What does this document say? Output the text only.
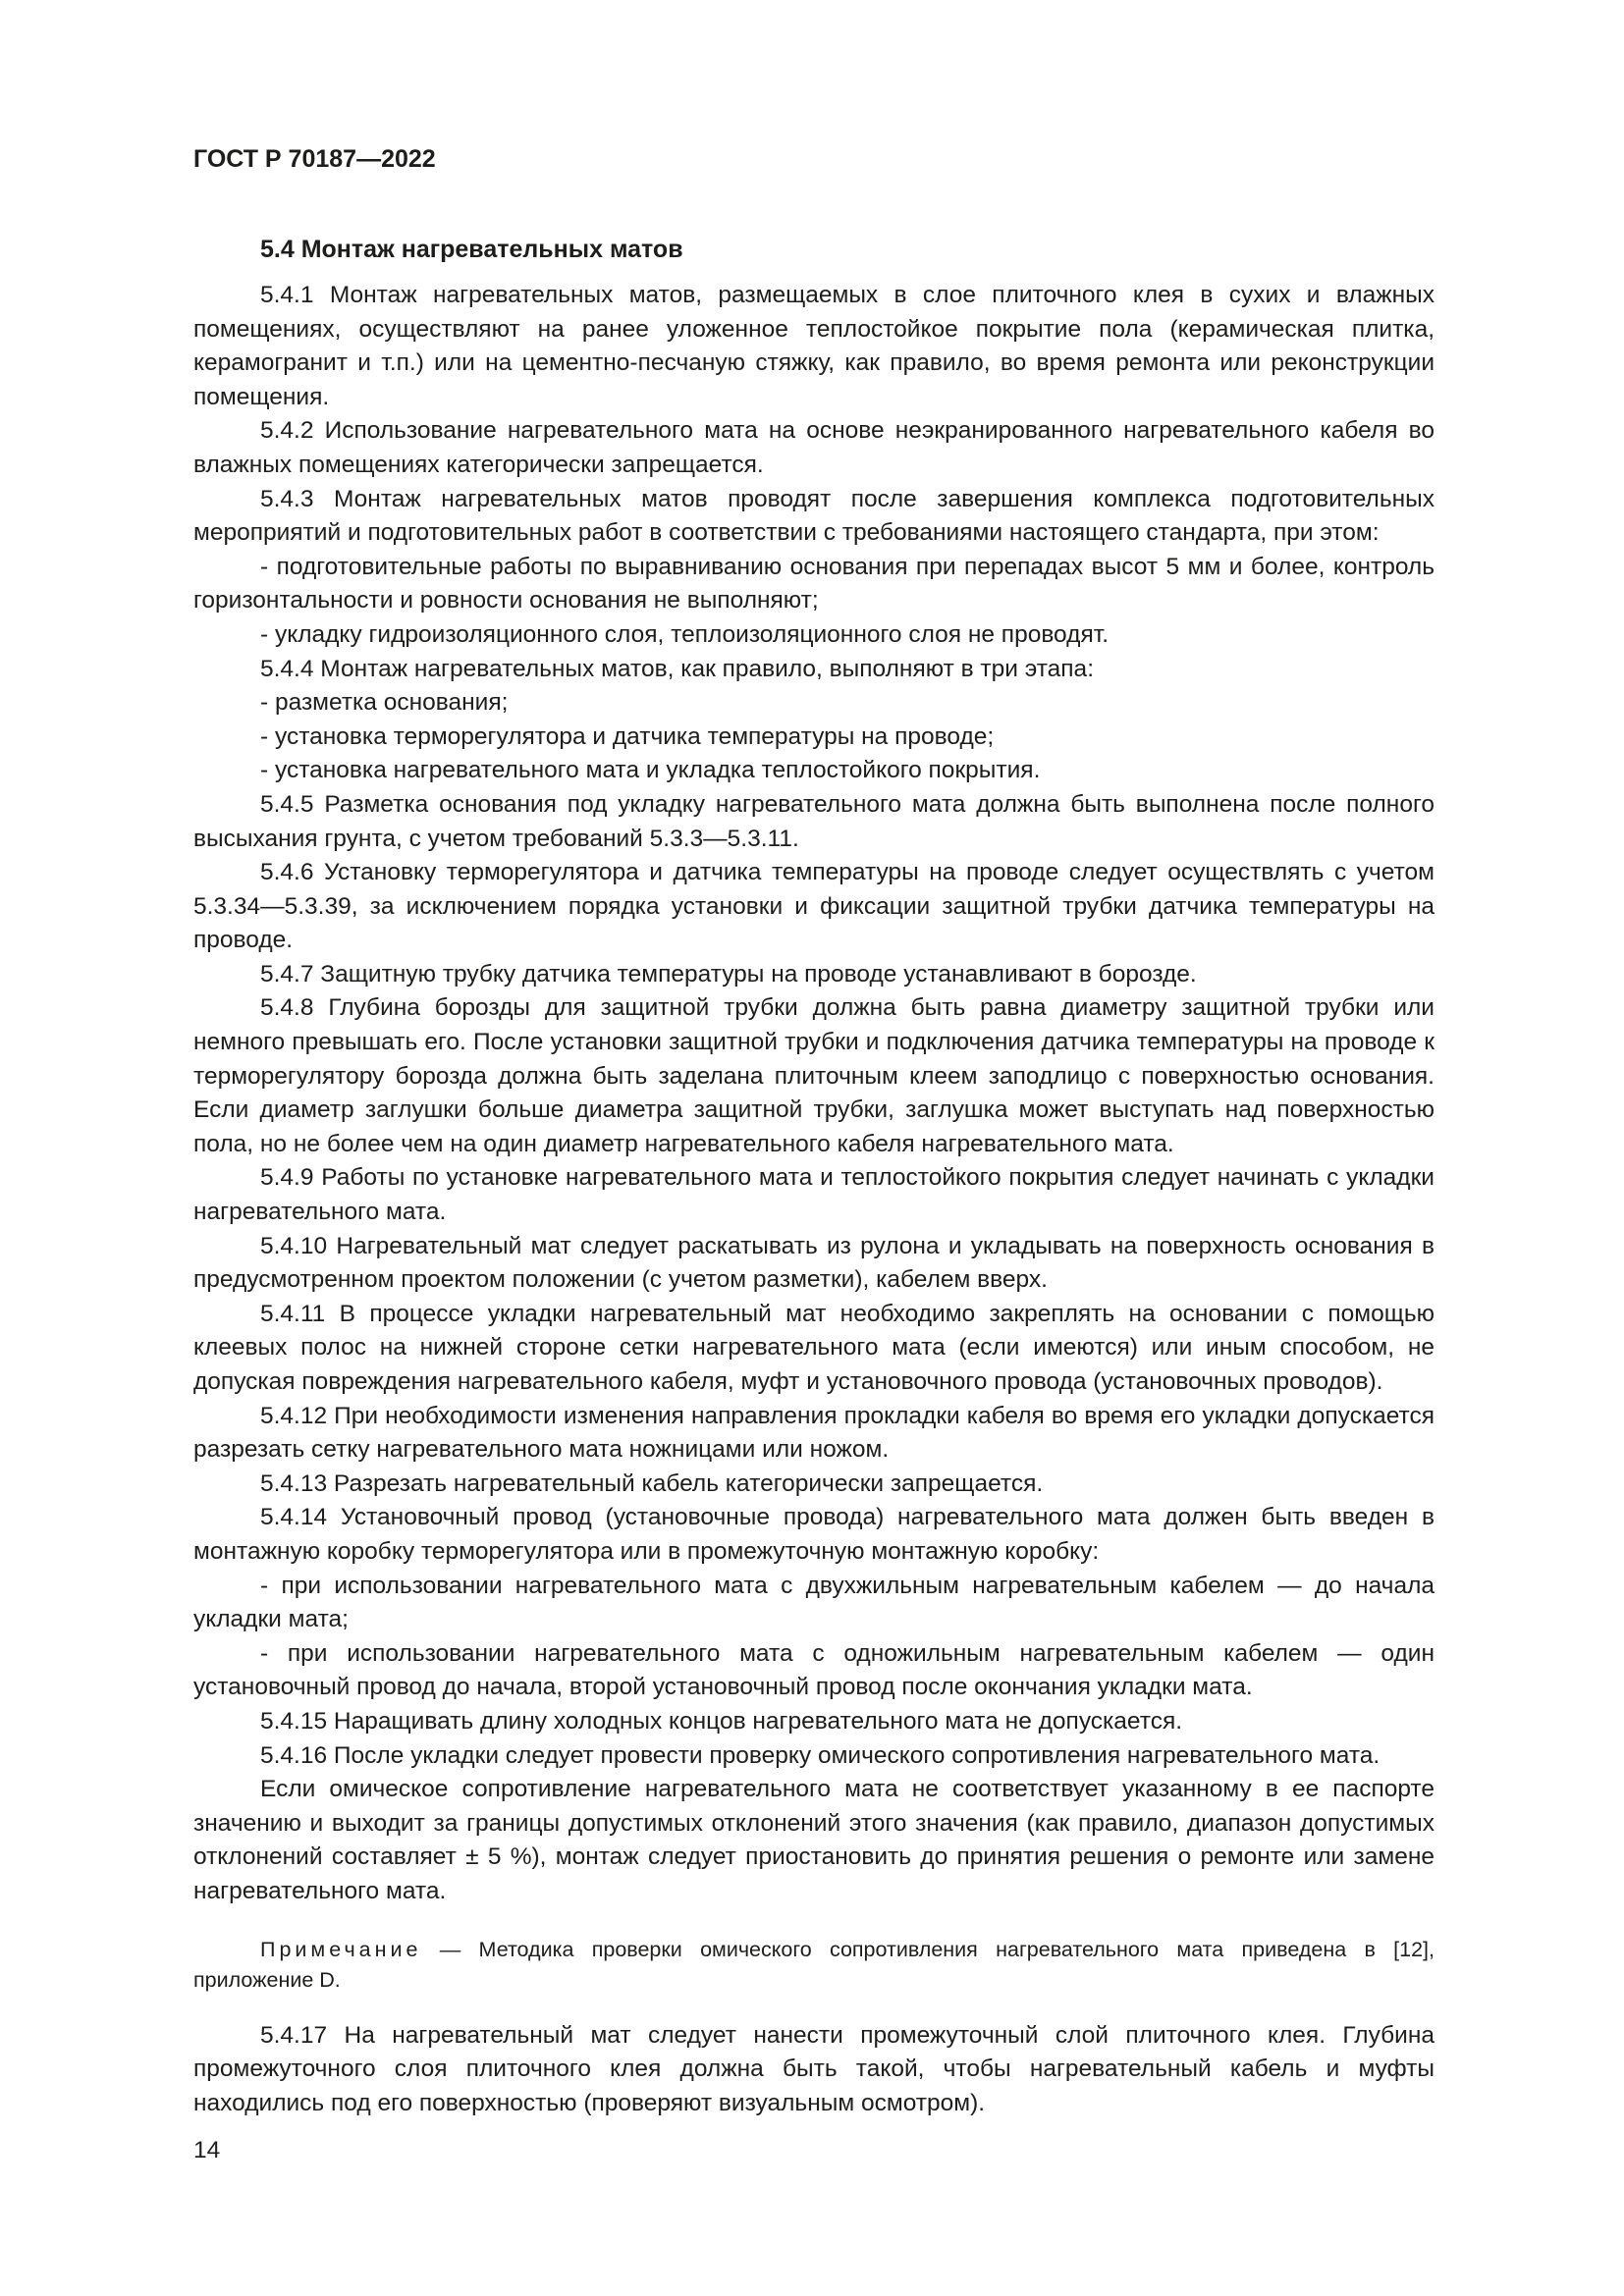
ГОСТ Р 70187—2022
5.4 Монтаж нагревательных матов

5.4.1 Монтаж нагревательных матов, размещаемых в слое плиточного клея в сухих и влажных помещениях, осуществляют на ранее уложенное теплостойкое покрытие пола (керамическая плитка, керамогранит и т.п.) или на цементно-песчаную стяжку, как правило, во время ремонта или реконструкции помещения.

5.4.2 Использование нагревательного мата на основе неэкранированного нагревательного кабеля во влажных помещениях категорически запрещается.

5.4.3 Монтаж нагревательных матов проводят после завершения комплекса подготовительных мероприятий и подготовительных работ в соответствии с требованиями настоящего стандарта, при этом:

- подготовительные работы по выравниванию основания при перепадах высот 5 мм и более, контроль горизонтальности и ровности основания не выполняют;

- укладку гидроизоляционного слоя, теплоизоляционного слоя не проводят.

5.4.4 Монтаж нагревательных матов, как правило, выполняют в три этапа:

- разметка основания;

- установка терморегулятора и датчика температуры на проводе;

- установка нагревательного мата и укладка теплостойкого покрытия.

5.4.5 Разметка основания под укладку нагревательного мата должна быть выполнена после полного высыхания грунта, с учетом требований 5.3.3—5.3.11.

5.4.6 Установку терморегулятора и датчика температуры на проводе следует осуществлять с учетом 5.3.34—5.3.39, за исключением порядка установки и фиксации защитной трубки датчика температуры на проводе.

5.4.7 Защитную трубку датчика температуры на проводе устанавливают в борозде.

5.4.8 Глубина борозды для защитной трубки должна быть равна диаметру защитной трубки или немного превышать его. После установки защитной трубки и подключения датчика температуры на проводе к терморегулятору борозда должна быть заделана плиточным клеем заподлицо с поверхностью основания. Если диаметр заглушки больше диаметра защитной трубки, заглушка может выступать над поверхностью пола, но не более чем на один диаметр нагревательного кабеля нагревательного мата.

5.4.9 Работы по установке нагревательного мата и теплостойкого покрытия следует начинать с укладки нагревательного мата.

5.4.10 Нагревательный мат следует раскатывать из рулона и укладывать на поверхность основания в предусмотренном проектом положении (с учетом разметки), кабелем вверх.

5.4.11 В процессе укладки нагревательный мат необходимо закреплять на основании с помощью клеевых полос на нижней стороне сетки нагревательного мата (если имеются) или иным способом, не допуская повреждения нагревательного кабеля, муфт и установочного провода (установочных проводов).

5.4.12 При необходимости изменения направления прокладки кабеля во время его укладки допускается разрезать сетку нагревательного мата ножницами или ножом.

5.4.13 Разрезать нагревательный кабель категорически запрещается.

5.4.14 Установочный провод (установочные провода) нагревательного мата должен быть введен в монтажную коробку терморегулятора или в промежуточную монтажную коробку:

- при использовании нагревательного мата с двухжильным нагревательным кабелем — до начала укладки мата;

- при использовании нагревательного мата с одножильным нагревательным кабелем — один установочный провод до начала, второй установочный провод после окончания укладки мата.

5.4.15 Наращивать длину холодных концов нагревательного мата не допускается.

5.4.16 После укладки следует провести проверку омического сопротивления нагревательного мата.

Если омическое сопротивление нагревательного мата не соответствует указанному в ее паспорте значению и выходит за границы допустимых отклонений этого значения (как правило, диапазон допустимых отклонений составляет ± 5 %), монтаж следует приостановить до принятия решения о ремонте или замене нагревательного мата.

Примечание — Методика проверки омического сопротивления нагревательного мата приведена в [12], приложение D.

5.4.17 На нагревательный мат следует нанести промежуточный слой плиточного клея. Глубина промежуточного слоя плиточного клея должна быть такой, чтобы нагревательный кабель и муфты находились под его поверхностью (проверяют визуальным осмотром).

14
